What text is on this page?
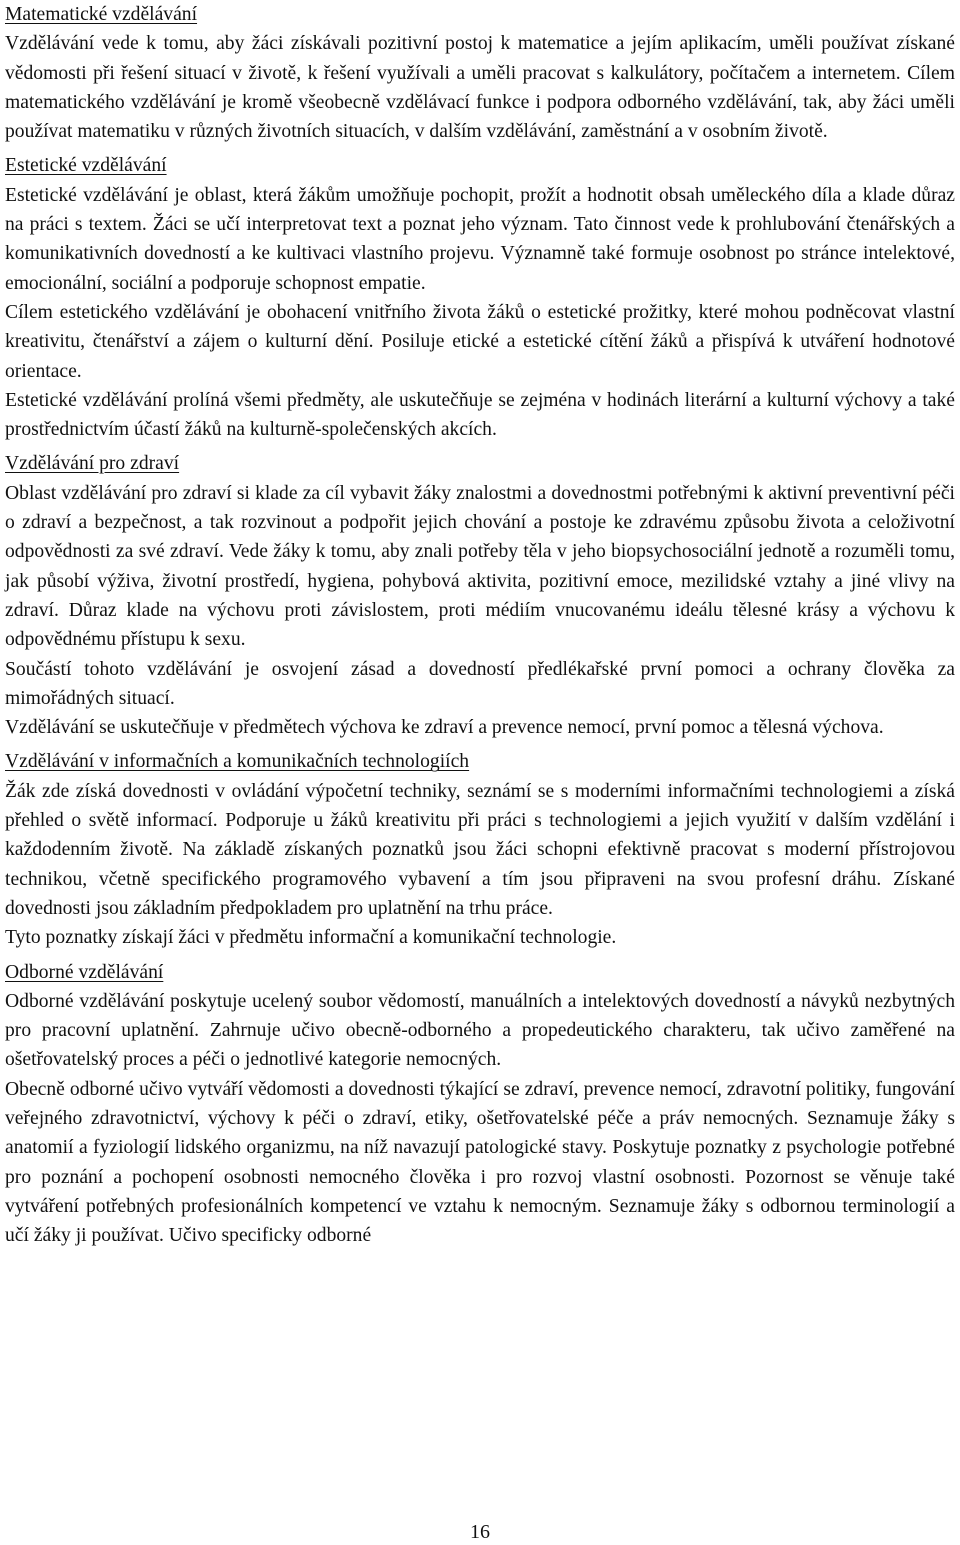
Matematické vzdělávání

Vzdělávání vede k tomu, aby žáci získávali pozitivní postoj k matematice a jejím aplikacím, uměli používat získané vědomosti při řešení situací v životě, k řešení využívali a uměli pracovat s kalkulátory, počítačem a internetem. Cílem matematického vzdělávání je kromě všeobecně vzdělávací funkce i podpora odborného vzdělávání, tak, aby žáci uměli používat matematiku v různých životních situacích, v dalším vzdělávání, zaměstnání a v osobním životě.

Estetické vzdělávání

Estetické vzdělávání je oblast, která žákům umožňuje pochopit, prožít a hodnotit obsah uměleckého díla a klade důraz na práci s textem. Žáci se učí interpretovat text a poznat jeho význam. Tato činnost vede k prohlubování čtenářských a komunikativních dovedností a ke kultivaci vlastního projevu. Významně také formuje osobnost po stránce intelektové, emocionální, sociální a podporuje schopnost empatie.

Cílem estetického vzdělávání je obohacení vnitřního života žáků o estetické prožitky, které mohou podněcovat vlastní kreativitu, čtenářství a zájem o kulturní dění. Posiluje etické a estetické cítění žáků a přispívá k utváření hodnotové orientace.

Estetické vzdělávání prolíná všemi předměty, ale uskutečňuje se zejména v hodinách literární a kulturní výchovy a také prostřednictvím účastí žáků na kulturně-společenských akcích.

Vzdělávání pro zdraví

Oblast vzdělávání pro zdraví si klade za cíl vybavit žáky znalostmi a dovednostmi potřebnými k aktivní preventivní péči o zdraví a bezpečnost, a tak rozvinout a podpořit jejich chování a postoje ke zdravému způsobu života a celoživotní odpovědnosti za své zdraví. Vede žáky k tomu, aby znali potřeby těla v jeho biopsychosociální jednotě a rozuměli tomu, jak působí výživa, životní prostředí, hygiena, pohybová aktivita, pozitivní emoce, mezilidské vztahy a jiné vlivy na zdraví. Důraz klade na výchovu proti závislostem, proti médiím vnucovanému ideálu tělesné krásy a výchovu k odpovědnému přístupu k sexu.

Součástí tohoto vzdělávání je osvojení zásad a dovedností předlékařské první pomoci a ochrany člověka za mimořádných situací.

Vzdělávání se uskutečňuje v předmětech výchova ke zdraví a prevence nemocí, první pomoc a tělesná výchova.

Vzdělávání v informačních a komunikačních technologiích

Žák zde získá dovednosti v ovládání výpočetní techniky, seznámí se s moderními informačními technologiemi a získá přehled o světě informací. Podporuje u žáků kreativitu při práci s technologiemi a jejich využití v dalším vzdělání i každodenním životě. Na základě získaných poznatků jsou žáci schopni efektivně pracovat s moderní přístrojovou technikou, včetně specifického programového vybavení a tím jsou připraveni na svou profesní dráhu. Získané dovednosti jsou základním předpokladem pro uplatnění na trhu práce.

Tyto poznatky získají žáci v předmětu informační a komunikační technologie.

Odborné vzdělávání

Odborné vzdělávání poskytuje ucelený soubor vědomostí, manuálních a intelektových dovedností a návyků nezbytných pro pracovní uplatnění. Zahrnuje učivo obecně-odborného a propedeutického charakteru, tak učivo zaměřené na ošetřovatelský proces a péči o jednotlivé kategorie nemocných.

Obecně odborné učivo vytváří vědomosti a dovednosti týkající se zdraví, prevence nemocí, zdravotní politiky, fungování veřejného zdravotnictví, výchovy k péči o zdraví, etiky, ošetřovatelské péče a práv nemocných. Seznamuje žáky s anatomií a fyziologií lidského organizmu, na níž navazují patologické stavy. Poskytuje poznatky z psychologie potřebné pro poznání a pochopení osobnosti nemocného člověka i pro rozvoj vlastní osobnosti. Pozornost se věnuje také vytváření potřebných profesionálních kompetencí ve vztahu k nemocným. Seznamuje žáky s odbornou terminologií a učí žáky ji používat. Učivo specificky odborné

16
